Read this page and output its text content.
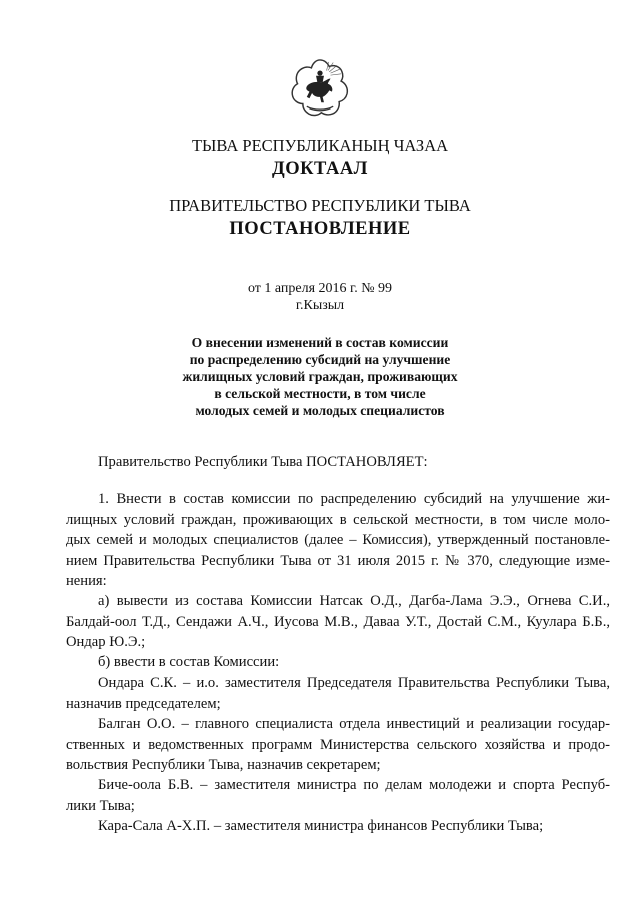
ТЫВА РЕСПУБЛИКАНЫҢ ЧАЗАА
ДОКТААЛ
ПРАВИТЕЛЬСТВО РЕСПУБЛИКИ ТЫВА
ПОСТАНОВЛЕНИЕ
от 1 апреля 2016 г. № 99
г.Кызыл
О внесении изменений в состав комиссии
по распределению субсидий на улучшение
жилищных условий граждан, проживающих
в сельской местности, в том числе
молодых семей и молодых специалистов
Правительство Республики Тыва ПОСТАНОВЛЯЕТ:
1. Внести в состав комиссии по распределению субсидий на улучшение жи-
лищных условий граждан, проживающих в сельской местности, в том числе моло-
дых семей и молодых специалистов (далее – Комиссия), утвержденный постановле-
нием Правительства Республики Тыва от 31 июля 2015 г. № 370, следующие изме-
нения:
а) вывести из состава Комиссии Натсак О.Д., Дагба-Лама Э.Э., Огнева С.И.,
Балдай-оол Т.Д., Сендажи А.Ч., Иусова М.В., Даваа У.Т., Достай С.М., Куулара Б.Б.,
Ондар Ю.Э.;
б) ввести в состав Комиссии:
Ондара С.К. – и.о. заместителя Председателя Правительства Республики Тыва,
назначив председателем;
Балган О.О. – главного специалиста отдела инвестиций и реализации государ-
ственных и ведомственных программ Министерства сельского хозяйства и продо-
вольствия Республики Тыва, назначив секретарем;
Биче-оола Б.В. – заместителя министра по делам молодежи и спорта Респуб-
лики Тыва;
Кара-Сала А-Х.П. – заместителя министра финансов Республики Тыва;
